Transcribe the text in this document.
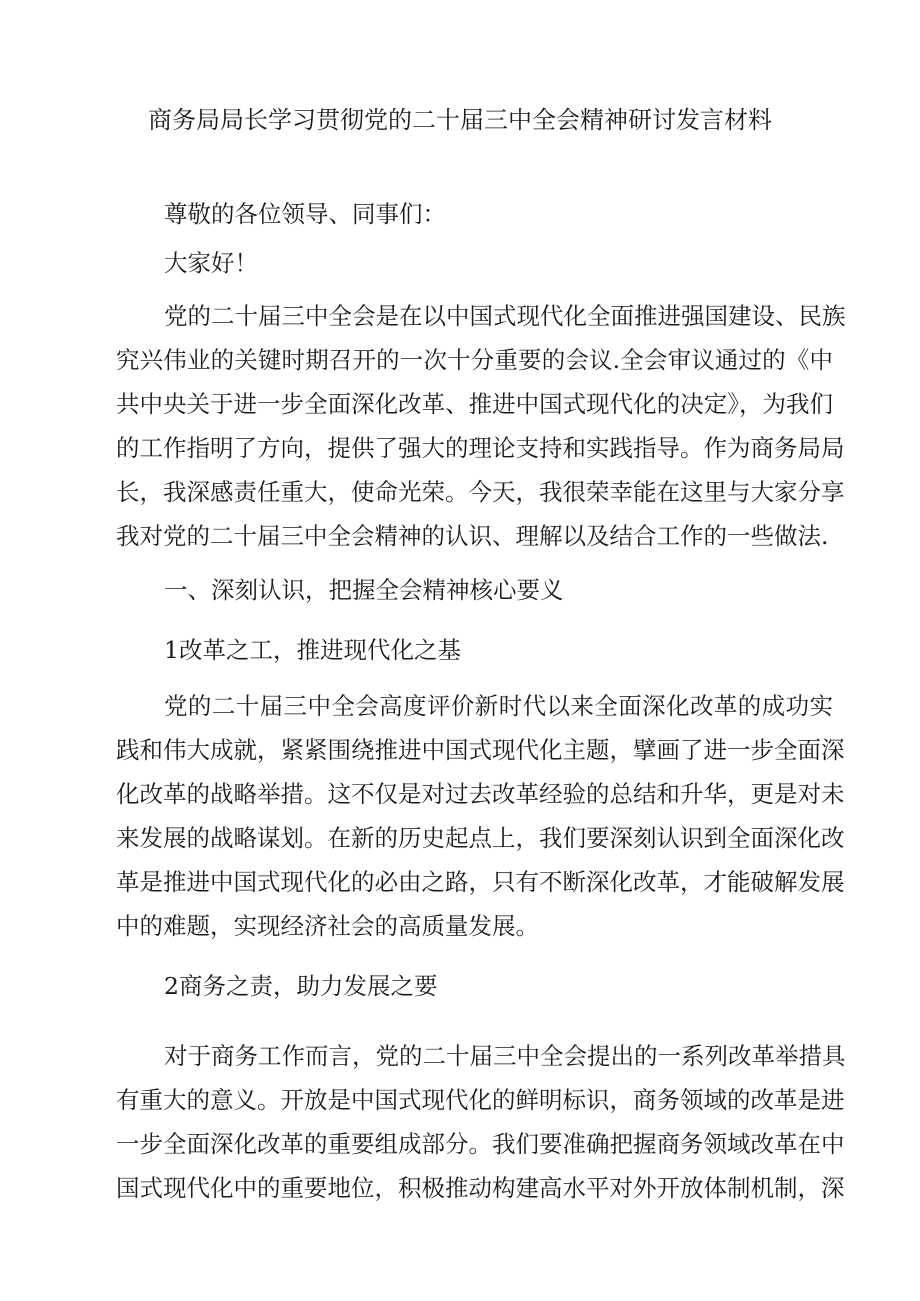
商务局局长学习贯彻党的二十届三中全会精神研讨发言材料
尊敬的各位领导、同事们：
大家好！
党的二十届三中全会是在以中国式现代化全面推进强国建设、民族
究兴伟业的关键时期召开的一次十分重要的会议.全会审议通过的《中
共中央关于进一步全面深化改革、推进中国式现代化的决定》，为我们
的工作指明了方向，提供了强大的理论支持和实践指导。作为商务局局
长，我深感责任重大，使命光荣。今天，我很荣幸能在这里与大家分享
我对党的二十届三中全会精神的认识、理解以及结合工作的一些做法.
一、深刻认识，把握全会精神核心要义
1改革之工，推进现代化之基
党的二十届三中全会高度评价新时代以来全面深化改革的成功实
践和伟大成就，紧紧围绕推进中国式现代化主题，擘画了进一步全面深
化改革的战略举措。这不仅是对过去改革经验的总结和升华，更是对未
来发展的战略谋划。在新的历史起点上，我们要深刻认识到全面深化改
革是推进中国式现代化的必由之路，只有不断深化改革，才能破解发展
中的难题，实现经济社会的高质量发展。
2商务之责，助力发展之要
对于商务工作而言，党的二十届三中全会提出的一系列改革举措具
有重大的意义。开放是中国式现代化的鲜明标识，商务领域的改革是进
一步全面深化改革的重要组成部分。我们要准确把握商务领域改革在中
国式现代化中的重要地位，积极推动构建高水平对外开放体制机制，深
